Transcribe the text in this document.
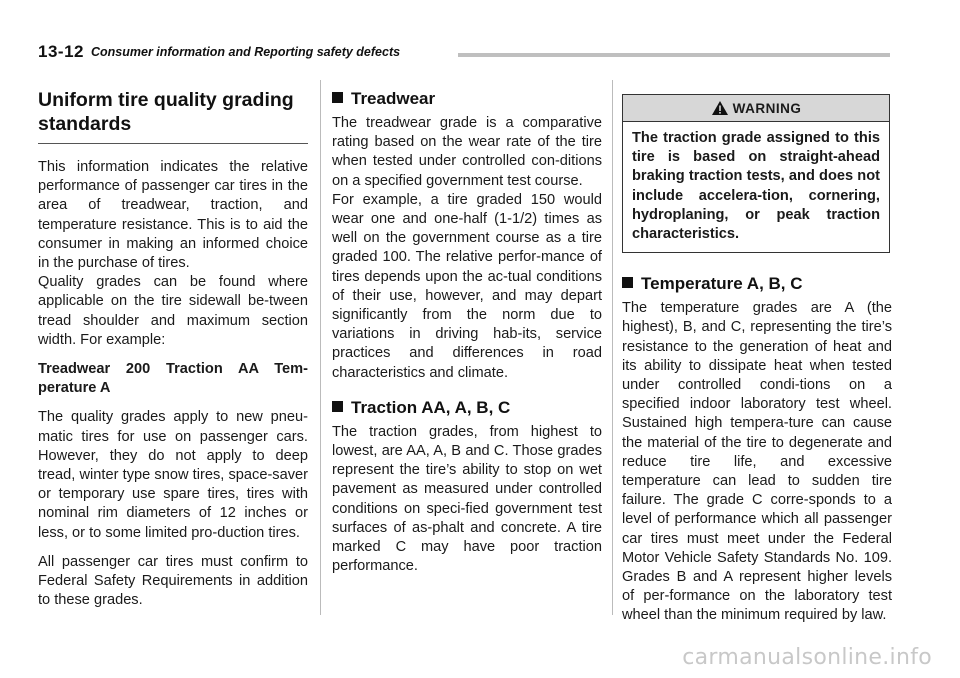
13-12 Consumer information and Reporting safety defects
Uniform tire quality grading standards

This information indicates the relative performance of passenger car tires in the area of treadwear, traction, and temperature resistance. This is to aid the consumer in making an informed choice in the purchase of tires.

Quality grades can be found where applicable on the tire sidewall be-tween tread shoulder and maximum section width. For example:

Treadwear 200 Traction AA Tem-perature A

The quality grades apply to new pneu-matic tires for use on passenger cars. However, they do not apply to deep tread, winter type snow tires, space-saver or temporary use spare tires, tires with nominal rim diameters of 12 inches or less, or to some limited pro-duction tires.

All passenger car tires must confirm to Federal Safety Requirements in addition to these grades.

Treadwear

The treadwear grade is a comparative rating based on the wear rate of the tire when tested under controlled con-ditions on a specified government test course.

For example, a tire graded 150 would wear one and one-half (1-1/2) times as well on the government course as a tire graded 100. The relative perfor-mance of tires depends upon the ac-tual conditions of their use, however, and may depart significantly from the norm due to variations in driving hab-its, service practices and differences in road characteristics and climate.

Traction AA, A, B, C

The traction grades, from highest to lowest, are AA, A, B and C. Those grades represent the tire’s ability to stop on wet pavement as measured under controlled conditions on speci-fied government test surfaces of as-phalt and concrete. A tire marked C may have poor traction performance.

WARNING
The traction grade assigned to this tire is based on straight-ahead braking traction tests, and does not include accelera-tion, cornering, hydroplaning, or peak traction characteristics.
Temperature A, B, C

The temperature grades are A (the highest), B, and C, representing the tire’s resistance to the generation of heat and its ability to dissipate heat when tested under controlled condi-tions on a specified indoor laboratory test wheel. Sustained high tempera-ture can cause the material of the tire to degenerate and reduce tire life, and excessive temperature can lead to sudden tire failure. The grade C corre-sponds to a level of performance which all passenger car tires must meet under the Federal Motor Vehicle Safety Standards No. 109. Grades B and A represent higher levels of per-formance on the laboratory test wheel than the minimum required by law.

carmanualsonline.info
